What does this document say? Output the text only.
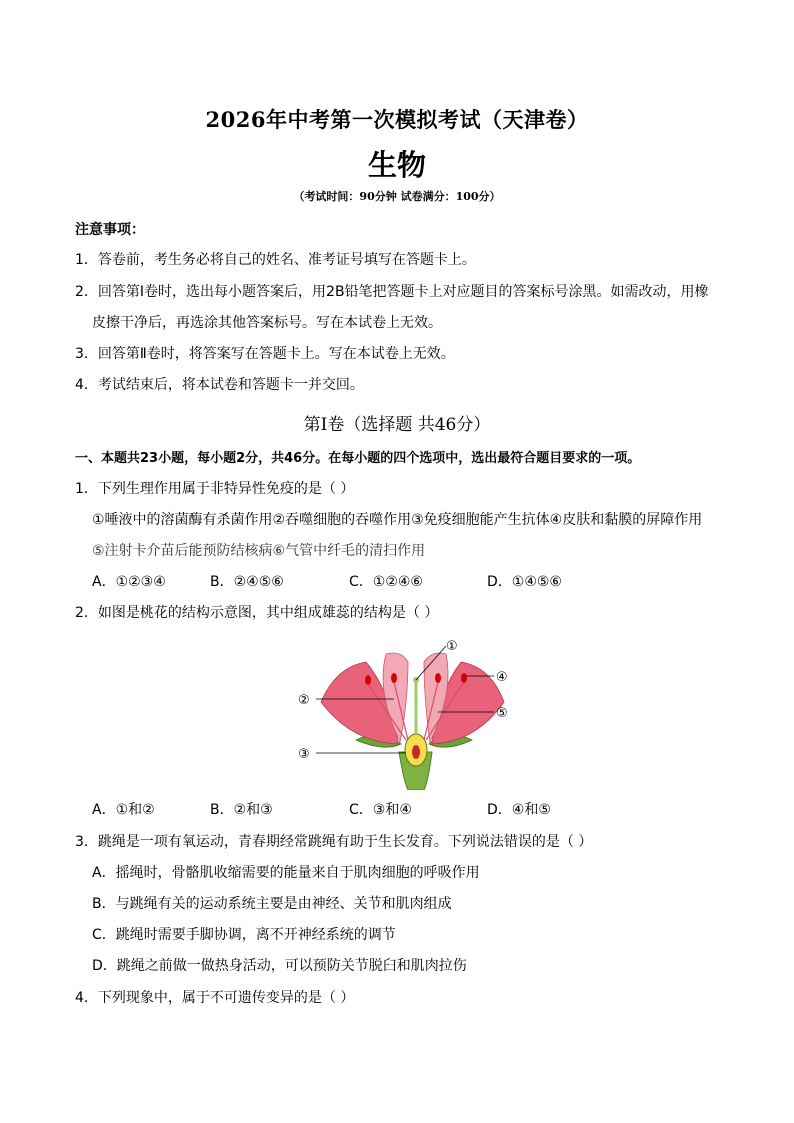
2026年中考第一次模拟考试（天津卷）
生物
（考试时间：90分钟 试卷满分：100分）
注意事项：
1．答卷前，考生务必将自己的姓名、准考证号填写在答题卡上。
2．回答第Ⅰ卷时，选出每小题答案后，用2B铅笔把答题卡上对应题目的答案标号涂黑。如需改动，用橡
皮擦干净后，再选涂其他答案标号。写在本试卷上无效。
3．回答第Ⅱ卷时，将答案写在答题卡上。写在本试卷上无效。
4．考试结束后，将本试卷和答题卡一并交回。
第Ⅰ卷（选择题 共46分）
一、本题共23小题，每小题2分，共46分。在每小题的四个选项中，选出最符合题目要求的一项。
1．下列生理作用属于非特异性免疫的是（ ）
①唾液中的溶菌酶有杀菌作用②吞噬细胞的吞噬作用③免疫细胞能产生抗体④皮肤和黏膜的屏障作用
⑤注射卡介苗后能预防结核病⑥气管中纤毛的清扫作用
A．①②③④	B．②④⑤⑥	C．①②④⑥	D．①④⑤⑥
2．如图是桃花的结构示意图，其中组成雄蕊的结构是（ ）
①
②
③
④
⑤
A．①和②	B．②和③	C．③和④	D．④和⑤
3．跳绳是一项有氧运动，青春期经常跳绳有助于生长发育。下列说法错误的是（ ）
A．摇绳时，骨骼肌收缩需要的能量来自于肌肉细胞的呼吸作用
B．与跳绳有关的运动系统主要是由神经、关节和肌肉组成
C．跳绳时需要手脚协调，离不开神经系统的调节
D．跳绳之前做一做热身活动，可以预防关节脱臼和肌肉拉伤
4．下列现象中，属于不可遗传变异的是（ ）
